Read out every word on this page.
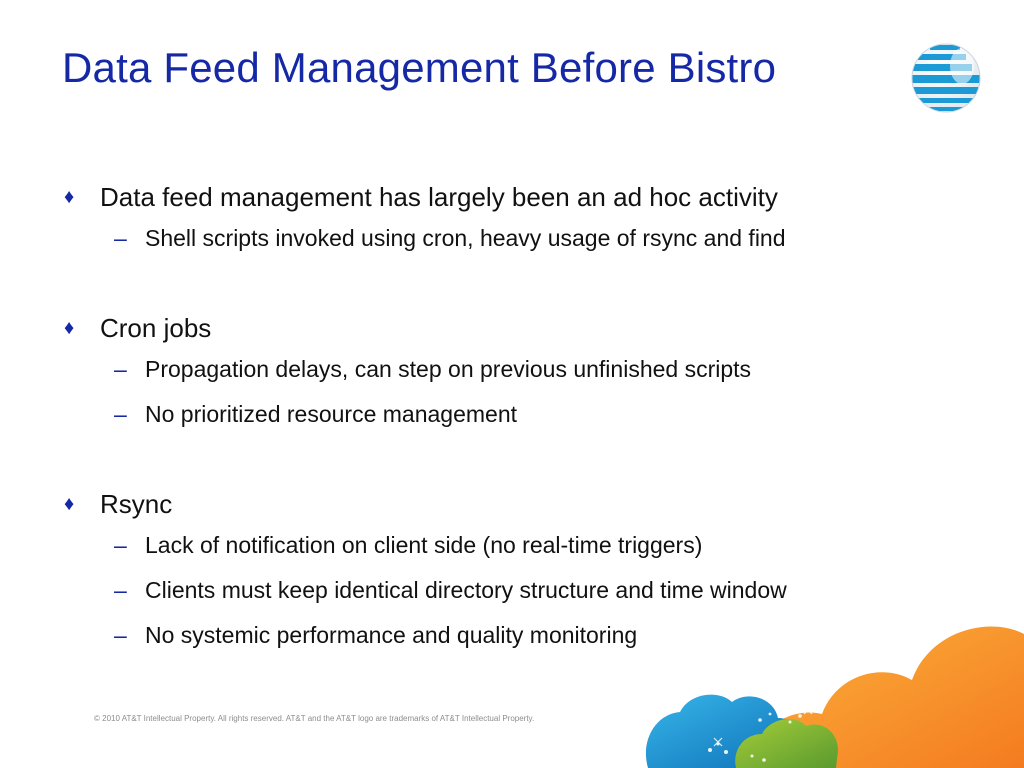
Data Feed Management Before Bistro
♦ Data feed management has largely been an ad hoc activity
– Shell scripts invoked using cron, heavy usage of rsync and find
♦ Cron jobs
– Propagation delays, can step on previous unfinished scripts
– No prioritized resource management
♦ Rsync
– Lack of notification on client side (no real-time triggers)
– Clients must keep identical directory structure and time window
– No systemic performance and quality monitoring
© 2010 AT&T Intellectual Property. All rights reserved. AT&T and the AT&T logo are trademarks of AT&T Intellectual Property.
